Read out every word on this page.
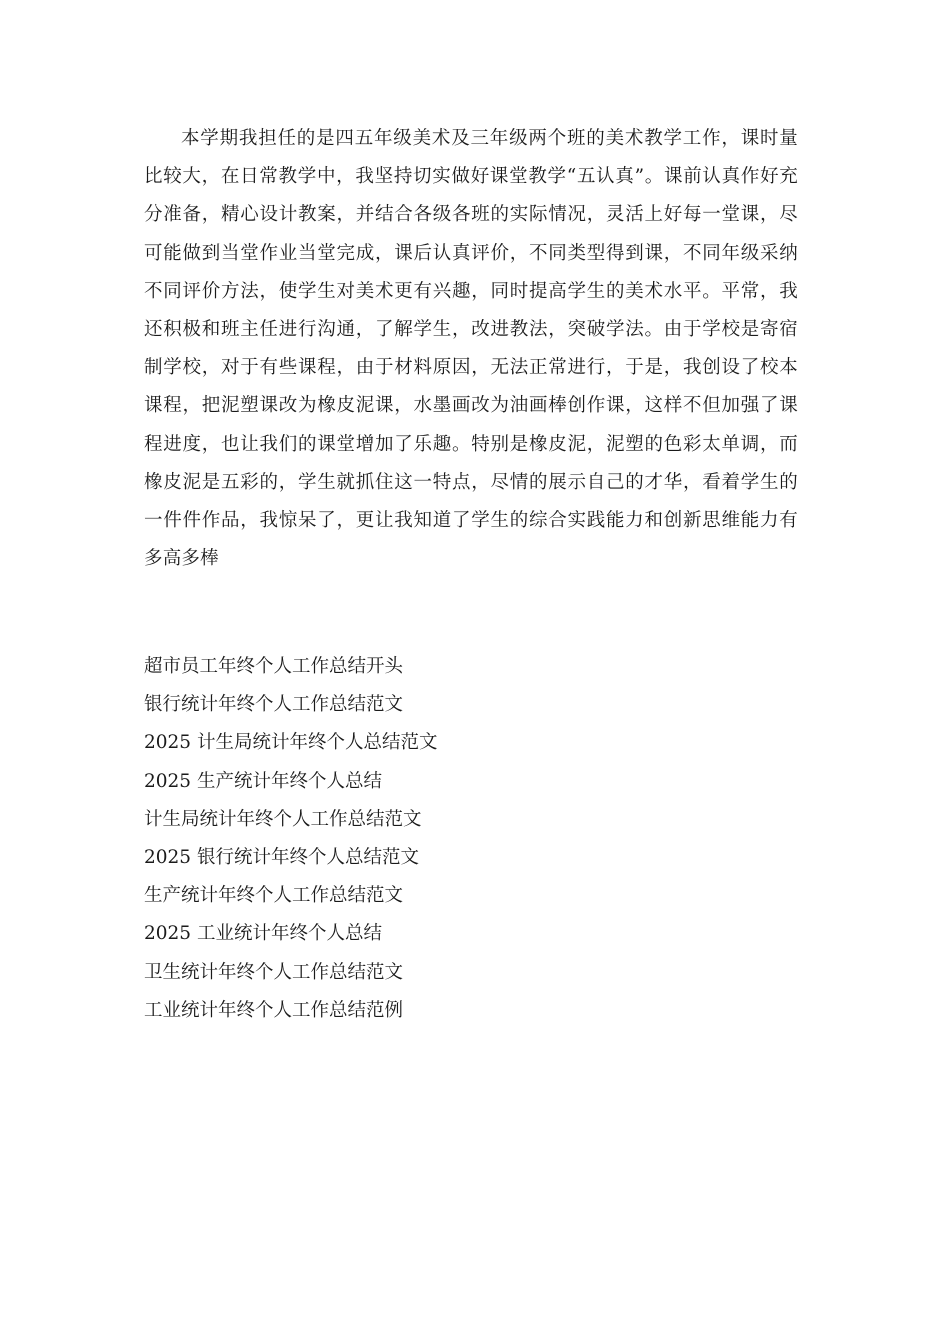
本学期我担任的是四五年级美术及三年级两个班的美术教学工作，课时量比较大，在日常教学中，我坚持切实做好课堂教学“五认真”。课前认真作好充分准备，精心设计教案，并结合各级各班的实际情况，灵活上好每一堂课，尽可能做到当堂作业当堂完成，课后认真评价，不同类型得到课，不同年级采纳不同评价方法，使学生对美术更有兴趣，同时提高学生的美术水平。平常，我还积极和班主任进行沟通，了解学生，改进教法，突破学法。由于学校是寄宿制学校，对于有些课程，由于材料原因，无法正常进行，于是，我创设了校本课程，把泥塑课改为橡皮泥课，水墨画改为油画棒创作课，这样不但加强了课程进度，也让我们的课堂增加了乐趣。特别是橡皮泥，泥塑的色彩太单调，而橡皮泥是五彩的，学生就抓住这一特点，尽情的展示自己的才华，看着学生的一件件作品，我惊呆了，更让我知道了学生的综合实践能力和创新思维能力有多高多棒

超市员工年终个人工作总结开头
银行统计年终个人工作总结范文
2025 计生局统计年终个人总结范文
2025 生产统计年终个人总结
计生局统计年终个人工作总结范文
2025 银行统计年终个人总结范文
生产统计年终个人工作总结范文
2025 工业统计年终个人总结
卫生统计年终个人工作总结范文
工业统计年终个人工作总结范例
